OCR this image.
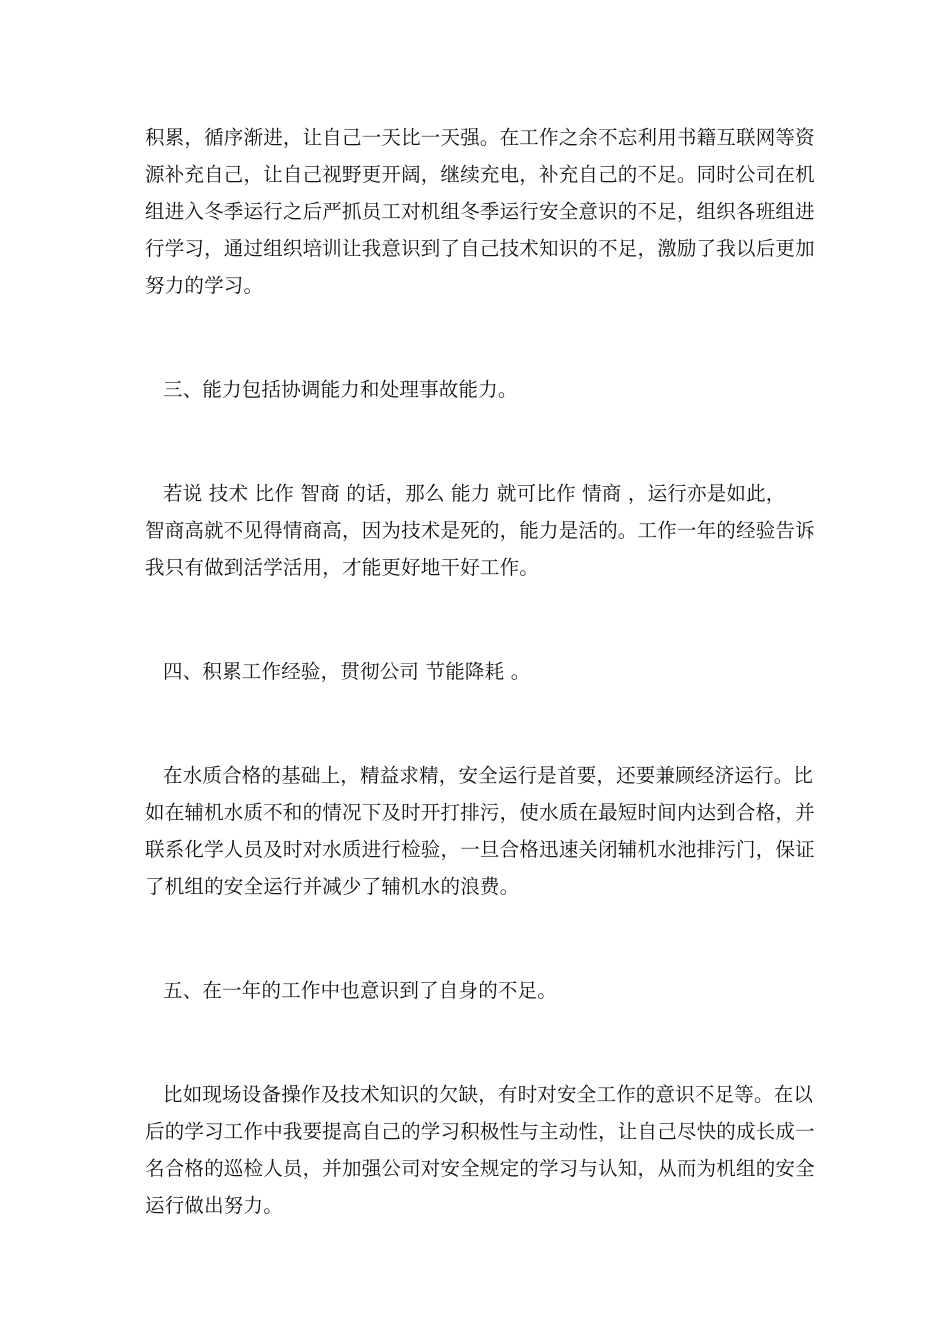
积累，循序渐进，让自己一天比一天强。在工作之余不忘利用书籍互联网等资
源补充自己，让自己视野更开阔，继续充电，补充自己的不足。同时公司在机
组进入冬季运行之后严抓员工对机组冬季运行安全意识的不足，组织各班组进
行学习，通过组织培训让我意识到了自己技术知识的不足，激励了我以后更加
努力的学习。
三、能力包括协调能力和处理事故能力。
若说 技术 比作 智商 的话，那么 能力 就可比作 情商 ，运行亦是如此，
智商高就不见得情商高，因为技术是死的，能力是活的。工作一年的经验告诉
我只有做到活学活用，才能更好地干好工作。
四、积累工作经验，贯彻公司 节能降耗 。
在水质合格的基础上，精益求精，安全运行是首要，还要兼顾经济运行。比
如在辅机水质不和的情况下及时开打排污，使水质在最短时间内达到合格，并
联系化学人员及时对水质进行检验，一旦合格迅速关闭辅机水池排污门，保证
了机组的安全运行并减少了辅机水的浪费。
五、在一年的工作中也意识到了自身的不足。
比如现场设备操作及技术知识的欠缺，有时对安全工作的意识不足等。在以
后的学习工作中我要提高自己的学习积极性与主动性，让自己尽快的成长成一
名合格的巡检人员，并加强公司对安全规定的学习与认知，从而为机组的安全
运行做出努力。
